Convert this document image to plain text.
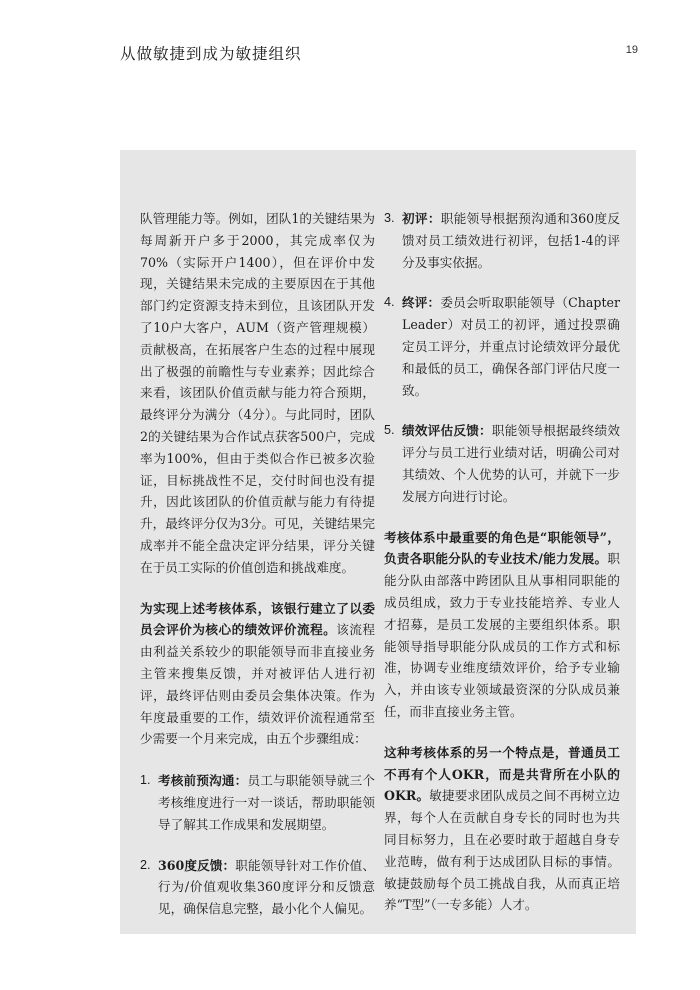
从做敏捷到成为敏捷组织	19

队管理能力等。例如，团队1的关键结果为每周新开户多于2000，其完成率仅为70%（实际开户1400），但在评价中发现，关键结果未完成的主要原因在于其他部门约定资源支持未到位，且该团队开发了10户大客户，AUM（资产管理规模）贡献极高，在拓展客户生态的过程中展现出了极强的前瞻性与专业素养；因此综合来看，该团队价值贡献与能力符合预期，最终评分为满分（4分）。与此同时，团队2的关键结果为合作试点获客500户，完成率为100%，但由于类似合作已被多次验证，目标挑战性不足，交付时间也没有提升，因此该团队的价值贡献与能力有待提升，最终评分仅为3分。可见，关键结果完成率并不能全盘决定评分结果，评分关键在于员工实际的价值创造和挑战难度。

为实现上述考核体系，该银行建立了以委员会评价为核心的绩效评价流程。该流程由利益关系较少的职能领导而非直接业务主管来搜集反馈，并对被评估人进行初评，最终评估则由委员会集体决策。作为年度最重要的工作，绩效评价流程通常至少需要一个月来完成，由五个步骤组成：

1. 考核前预沟通：员工与职能领导就三个考核维度进行一对一谈话，帮助职能领导了解其工作成果和发展期望。
2. 360度反馈：职能领导针对工作价值、行为/价值观收集360度评分和反馈意见，确保信息完整，最小化个人偏见。
3. 初评：职能领导根据预沟通和360度反馈对员工绩效进行初评，包括1-4的评分及事实依据。
4. 终评：委员会听取职能领导（Chapter Leader）对员工的初评，通过投票确定员工评分，并重点讨论绩效评分最优和最低的员工，确保各部门评估尺度一致。
5. 绩效评估反馈：职能领导根据最终绩效评分与员工进行业绩对话，明确公司对其绩效、个人优势的认可，并就下一步发展方向进行讨论。

考核体系中最重要的角色是“职能领导”，负责各职能分队的专业技术/能力发展。职能分队由部落中跨团队且从事相同职能的成员组成，致力于专业技能培养、专业人才招募，是员工发展的主要组织体系。职能领导指导职能分队成员的工作方式和标准，协调专业维度绩效评价，给予专业输入，并由该专业领域最资深的分队成员兼任，而非直接业务主管。

这种考核体系的另一个特点是，普通员工不再有个人OKR，而是共背所在小队的OKR。敏捷要求团队成员之间不再树立边界，每个人在贡献自身专长的同时也为共同目标努力，且在必要时敢于超越自身专业范畴，做有利于达成团队目标的事情。敏捷鼓励每个员工挑战自我，从而真正培养“T型”（一专多能）人才。
